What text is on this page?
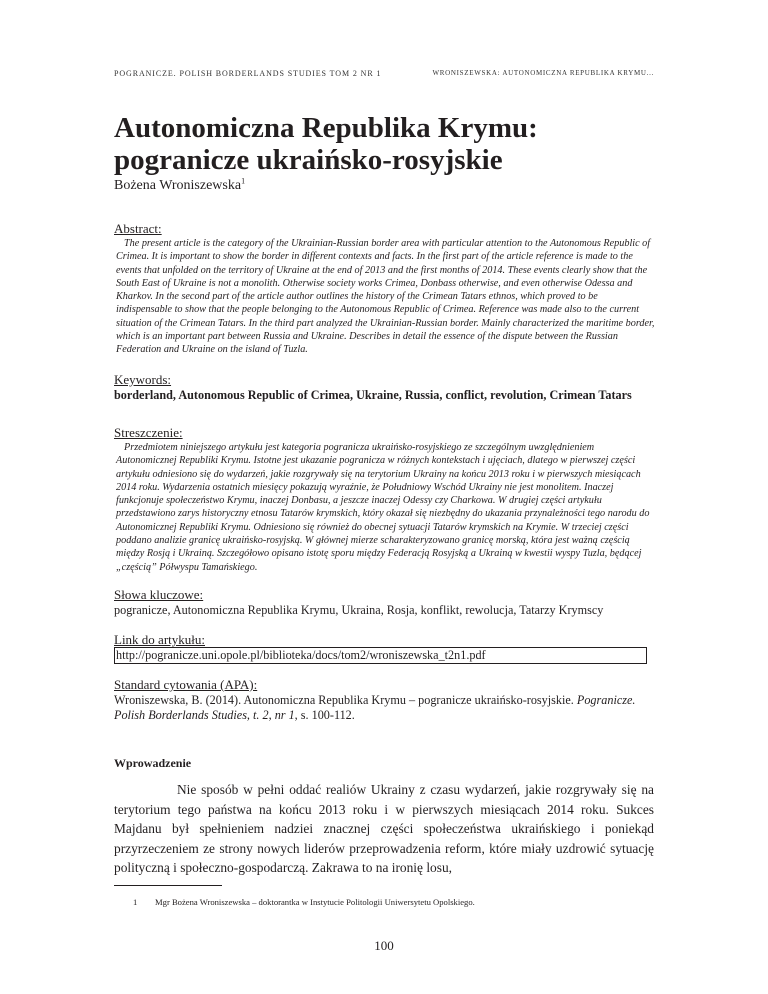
POGRANICZE. POLISH BORDERLANDS STUDIES TOM 2 NR 1	WRONISZEWSKA: AUTONOMICZNA REPUBLIKA KRYMU...
Autonomiczna Republika Krymu:
pogranicze ukraińsko-rosyjskie
Bożena Wroniszewska$^1$
Abstract:
The present article is the category of the Ukrainian-Russian border area with particular attention to the Autonomous Republic of Crimea. It is important to show the border in different contexts and facts. In the first part of the article reference is made to the events that unfolded on the territory of Ukraine at the end of 2013 and the first months of 2014. These events clearly show that the South East of Ukraine is not a monolith. Otherwise society works Crimea, Donbass otherwise, and even otherwise Odessa and Kharkov. In the second part of the article author outlines the history of the Crimean Tatars ethnos, which proved to be indispensable to show that the people belonging to the Autonomous Republic of Crimea. Reference was made also to the current situation of the Crimean Tatars. In the third part analyzed the Ukrainian-Russian border. Mainly characterized the maritime border, which is an important part between Russia and Ukraine. Describes in detail the essence of the dispute between the Russian Federation and Ukraine on the island of Tuzla.
Keywords:
borderland, Autonomous Republic of Crimea, Ukraine, Russia, conflict, revolution, Crimean Tatars
Streszczenie:
Przedmiotem niniejszego artykułu jest kategoria pogranicza ukraińsko-rosyjskiego ze szczególnym uwzględnieniem Autonomicznej Republiki Krymu. Istotne jest ukazanie pogranicza w różnych kontekstach i ujęciach, dlatego w pierwszej części artykułu odniesiono się do wydarzeń, jakie rozgrywały się na terytorium Ukrainy na końcu 2013 roku i w pierwszych miesiącach 2014 roku. Wydarzenia ostatnich miesięcy pokazują wyraźnie, że Południowy Wschód Ukrainy nie jest monolitem. Inaczej funkcjonuje społeczeństwo Krymu, inaczej Donbasu, a jeszcze inaczej Odessy czy Charkowa. W drugiej części artykułu przedstawiono zarys historyczny etnosu Tatarów krymskich, który okazał się niezbędny do ukazania przynależności tego narodu do Autonomicznej Republiki Krymu. Odniesiono się również do obecnej sytuacji Tatarów krymskich na Krymie. W trzeciej części poddano analizie granicę ukraińsko-rosyjską. W głównej mierze scharakteryzowano granicę morską, która jest ważną częścią między Rosją i Ukrainą. Szczegółowo opisano istotę sporu między Federacją Rosyjską a Ukrainą w kwestii wyspy Tuzla, będącej „częścią” Półwyspu Tamańskiego.
Słowa kluczowe:
pogranicze, Autonomiczna Republika Krymu, Ukraina, Rosja, konflikt, rewolucja, Tatarzy Krymscy
Link do artykułu:
http://pogranicze.uni.opole.pl/biblioteka/docs/tom2/wroniszewska_t2n1.pdf
Standard cytowania (APA):
Wroniszewska, B. (2014). Autonomiczna Republika Krymu – pogranicze ukraińsko-rosyjskie. Pogranicze. Polish Borderlands Studies, t. 2, nr 1, s. 100-112.
Wprowadzenie
Nie sposób w pełni oddać realiów Ukrainy z czasu wydarzeń, jakie rozgrywały się na terytorium tego państwa na końcu 2013 roku i w pierwszych miesiącach 2014 roku. Sukces Majdanu był spełnieniem nadziei znacznej części społeczeństwa ukraińskiego i poniekąd przyrzeczeniem ze strony nowych liderów przeprowadzenia reform, które miały uzdrowić sytuację polityczną i społeczno-gospodarczą. Zakrawa to na ironię losu,
1 Mgr Bożena Wroniszewska – doktorantka w Instytucie Politologii Uniwersytetu Opolskiego.
100
